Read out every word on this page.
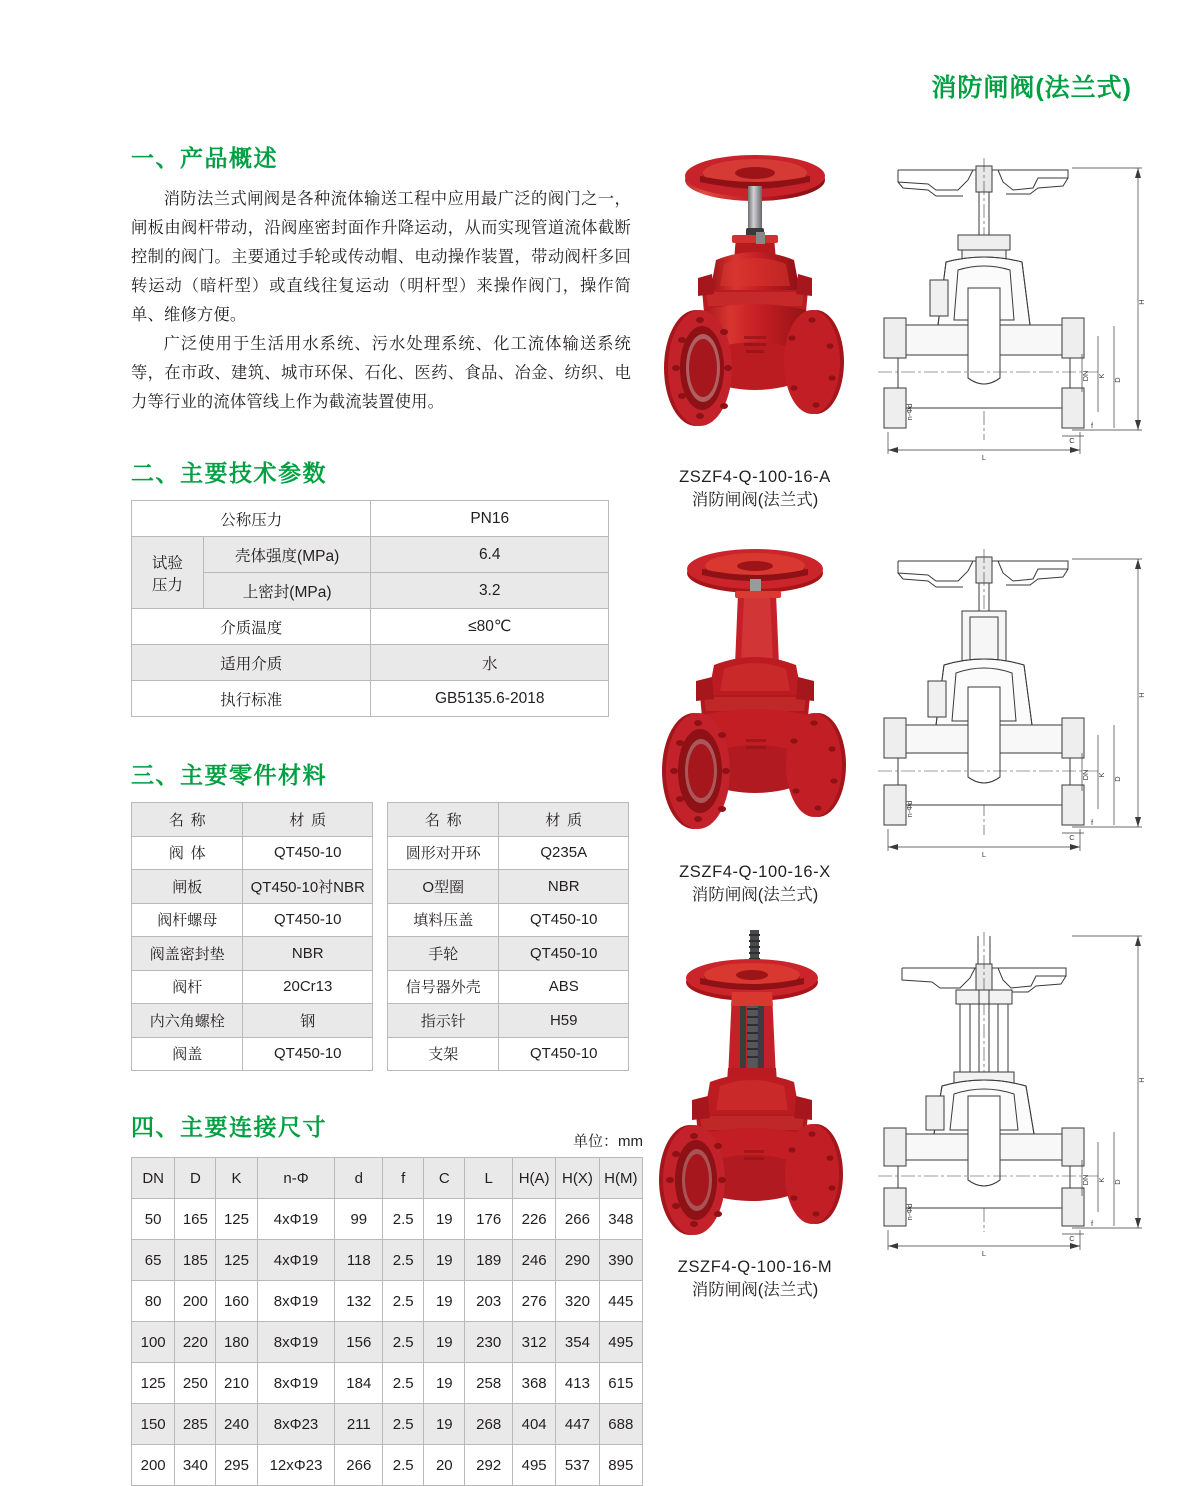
消防闸阀(法兰式)
一、产品概述

消防法兰式闸阀是各种流体输送工程中应用最广泛的阀门之一，闸板由阀杆带动，沿阀座密封面作升降运动，从而实现管道流体截断控制的阀门。主要通过手轮或传动帽、电动操作装置，带动阀杆多回转运动（暗杆型）或直线往复运动（明杆型）来操作阀门，操作简单、维修方便。

广泛使用于生活用水系统、污水处理系统、化工流体输送系统等，在市政、建筑、城市环保、石化、医药、食品、冶金、纺织、电力等行业的流体管线上作为截流装置使用。

二、主要技术参数
公称压力		PN16

试验
压力	壳体强度(MPa)	6.4
	上密封(MPa)	3.2
介质温度		≤80℃
适用介质		水
执行标准		GB5135.6-2018
三、主要零件材料
名称	材质
阀体	QT450-10
闸板	QT450-10衬NBR
阀杆螺母	QT450-10
阀盖密封垫	NBR
阀杆	20Cr13
内六角螺栓	钢
阀盖	QT450-10
名称	材质
圆形对开环	Q235A
O型圈	NBR
填料压盖	QT450-10
手轮	QT450-10
信号器外壳	ABS
指示针	H59
支架	QT450-10
四、主要连接尺寸
单位：mm
DN	D	K	n-Φ	d	f	C	L	H(A)	H(X)	H(M)
50	165	125	4xΦ19	99	2.5	19	176	226	266	348
65	185	125	4xΦ19	118	2.5	19	189	246	290	390
80	200	160	8xΦ19	132	2.5	19	203	276	320	445
100	220	180	8xΦ19	156	2.5	19	230	312	354	495
125	250	210	8xΦ19	184	2.5	19	258	368	413	615
150	285	240	8xΦ23	211	2.5	19	268	404	447	688
200	340	295	12xΦ23	266	2.5	20	292	495	537	895
H
D
K
DN
L
C
f
n-Φd
ZSZF4-Q-100-16-A
消防闸阀(法兰式)
H
D
K
DN
L
C
f
n-Φd
ZSZF4-Q-100-16-X
消防闸阀(法兰式)
H
D
K
DN
L
C
f
n-Φd
ZSZF4-Q-100-16-M
消防闸阀(法兰式)
